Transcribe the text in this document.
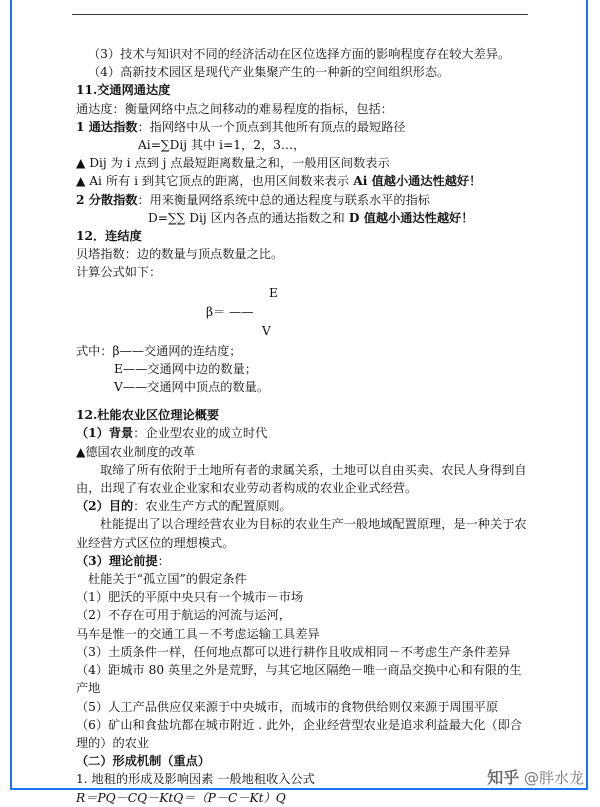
（3）技术与知识对不同的经济活动在区位选择方面的影响程度存在较大差异。

（4）高新技术园区是现代产业集聚产生的一种新的空间组织形态。

11.交通网通达度

通达度：衡量网络中点之间移动的难易程度的指标，包括：

1 通达指数：指网络中从一个顶点到其他所有顶点的最短路径

Ai=∑Dij 其中 i=1，2，3…，

▲ Dij 为 i 点到 j 点最短距离数量之和，一般用区间数表示

▲ Ai 所有 i 到其它顶点的距离，也用区间数来表示 Ai 值越小通达性越好！

2 分散指数：用来衡量网络系统中总的通达程度与联系水平的指标

D=∑∑ Dij 区内各点的通达指数之和 D 值越小通达性越好！

12．连结度

贝塔指数：边的数量与顶点数量之比。

计算公式如下：

E
β＝ ——
V

式中：β——交通网的连结度；

E——交通网中边的数量；

V——交通网中顶点的数量。

12.杜能农业区位理论概要

（1）背景：企业型农业的成立时代

▲德国农业制度的改革

取缔了所有依附于土地所有者的隶属关系，土地可以自由买卖、农民人身得到自由，出现了有农业企业家和农业劳动者构成的农业企业式经营。

（2）目的：农业生产方式的配置原则。

杜能提出了以合理经营农业为目标的农业生产一般地域配置原理，是一种关于农业经营方式区位的理想模式。

（3）理论前提：

杜能关于“孤立国”的假定条件

（1）肥沃的平原中央只有一个城市－市场

（2）不存在可用于航运的河流与运河，

马车是惟一的交通工具－不考虑运输工具差异

（3）土质条件一样，任何地点都可以进行耕作且收成相同－不考虑生产条件差异

（4）距城市 80 英里之外是荒野，与其它地区隔绝－唯一商品交换中心和有限的生产地

（5）人工产品供应仅来源于中央城市，而城市的食物供给则仅来源于周围平原

（6）矿山和食盐坑都在城市附近 . 此外，企业经营型农业是追求利益最大化（即合理的）的农业

（二）形成机制（重点）

1. 地租的形成及影响因素 一般地租收入公式

R＝PQ－CQ－KtQ＝（P－C－Kt）Q

知乎 @胖水龙
